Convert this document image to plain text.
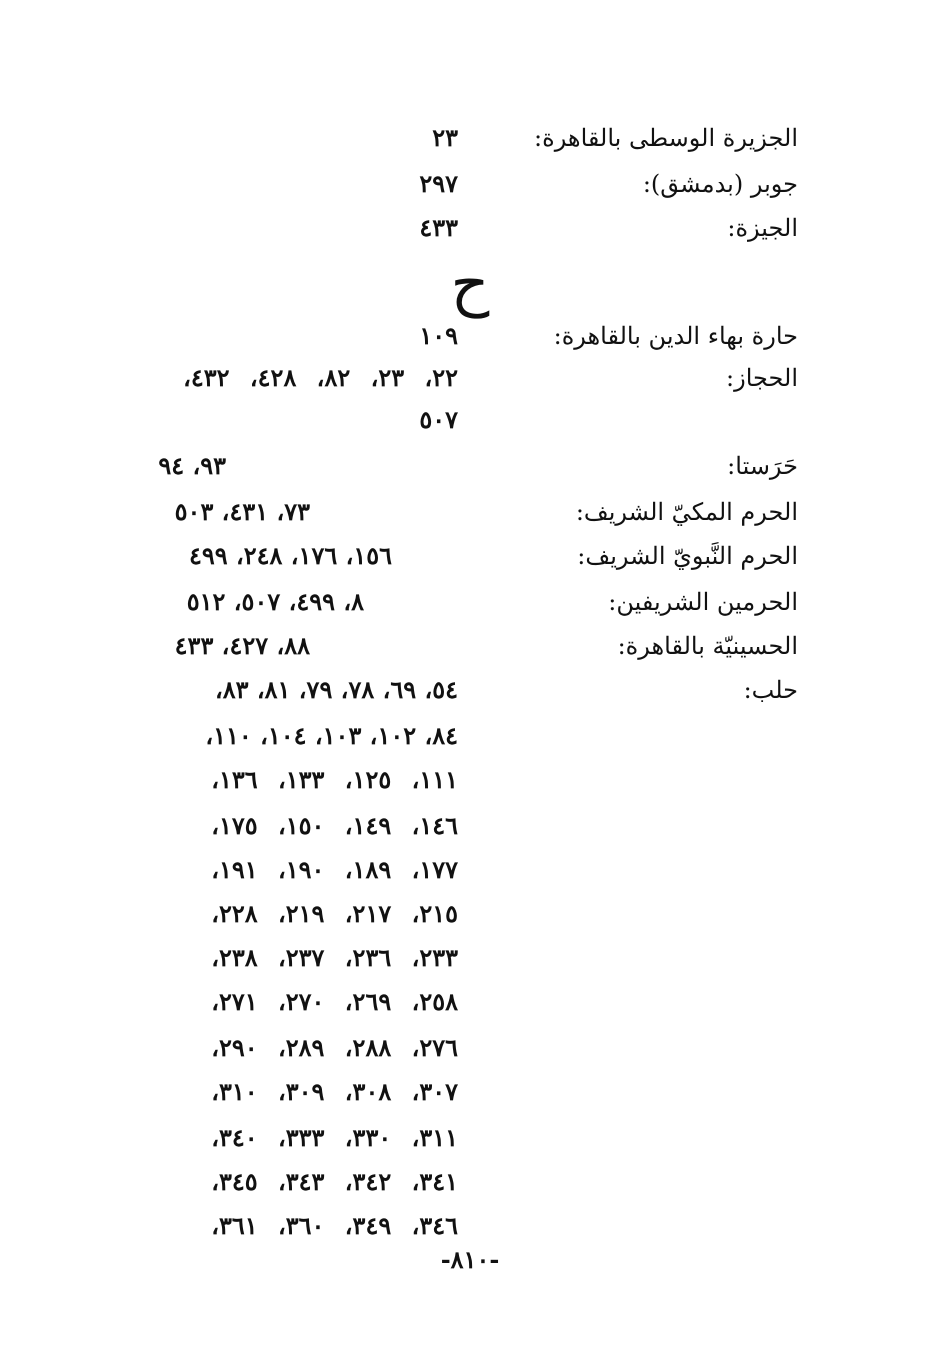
الجزيرة الوسطى بالقاهرة:
٢٣
جوبر (بدمشق):
٢٩٧
الجيزة:
٤٣٣
ح
حارة بهاء الدين بالقاهرة:
١٠٩
الحجاز:
٢٢، ٢٣، ٨٢، ٤٢٨، ٤٣٢،
٥٠٧
حَرَستا:
٩٣، ٩٤
الحرم المكيّ الشريف:
٧٣، ٤٣١، ٥٠٣
الحرم النَّبويّ الشريف:
١٥٦، ١٧٦، ٢٤٨، ٤٩٩
الحرمين الشريفين:
٨، ٤٩٩، ٥٠٧، ٥١٢
الحسينيّة بالقاهرة:
٨٨، ٤٢٧، ٤٣٣
حلب:
٥٤، ٦٩، ٧٨، ٧٩، ٨١، ٨٣،
٨٤، ١٠٢، ١٠٣، ١٠٤، ١١٠،
١١١، ١٢٥، ١٣٣، ١٣٦،
١٤٦، ١٤٩، ١٥٠، ١٧٥،
١٧٧، ١٨٩، ١٩٠، ١٩١،
٢١٥، ٢١٧، ٢١٩، ٢٢٨،
٢٣٣، ٢٣٦، ٢٣٧، ٢٣٨،
٢٥٨، ٢٦٩، ٢٧٠، ٢٧١،
٢٧٦، ٢٨٨، ٢٨٩، ٢٩٠،
٣٠٧، ٣٠٨، ٣٠٩، ٣١٠،
٣١١، ٣٣٠، ٣٣٣، ٣٤٠،
٣٤١، ٣٤٢، ٣٤٣، ٣٤٥،
٣٤٦، ٣٤٩، ٣٦٠، ٣٦١،
-٨١٠-
